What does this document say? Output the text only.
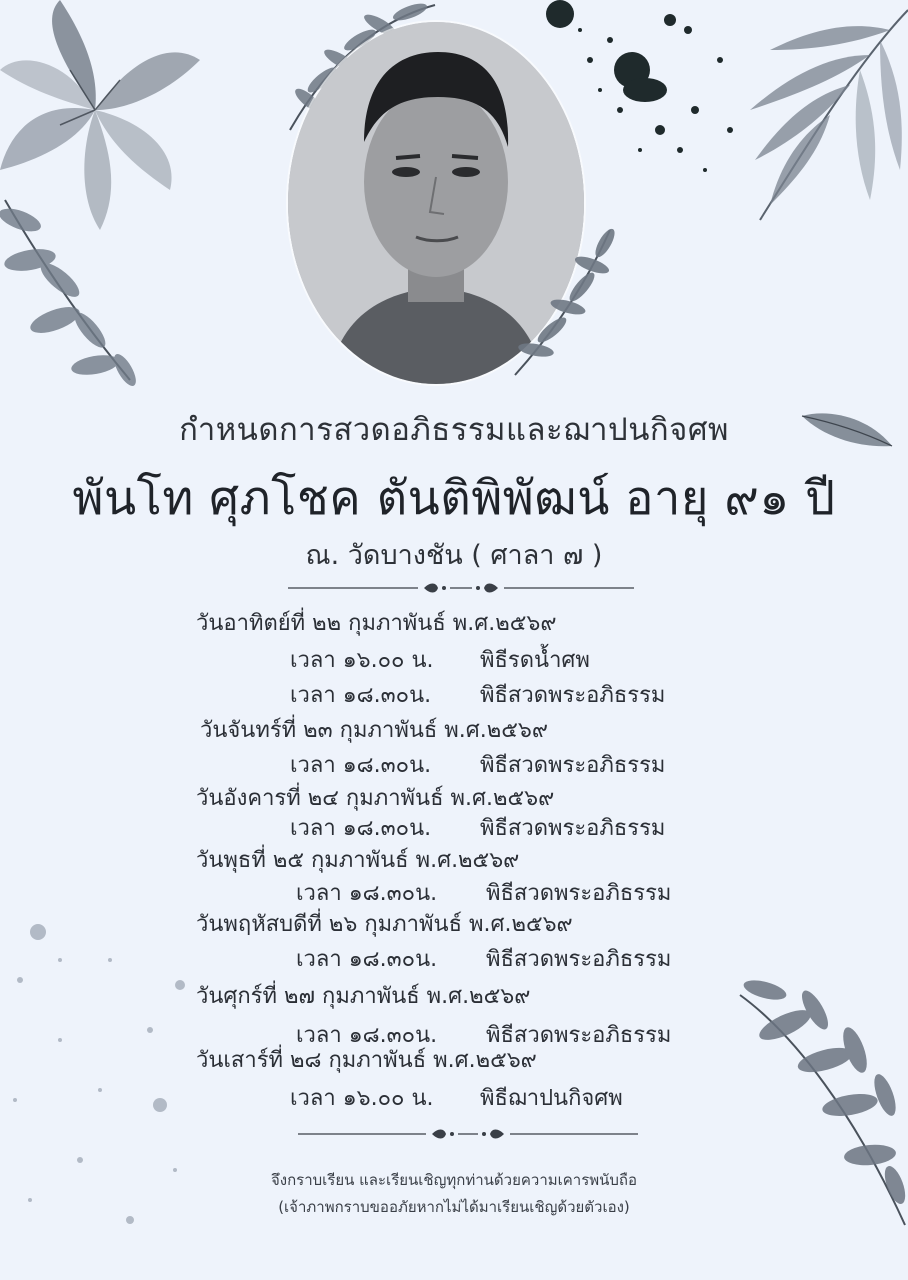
กำหนดการสวดอภิธรรมและฌาปนกิจศพ
พันโท ศุภโชค ตันติพิพัฒน์ อายุ ๙๑ ปี
ณ. วัดบางชัน ( ศาลา ๗ )
วันอาทิตย์ที่ ๒๒ กุมภาพันธ์ พ.ศ.๒๕๖๙
เวลา ๑๖.๐๐ น. พิธีรดน้ำศพ
เวลา ๑๘.๓๐น. พิธีสวดพระอภิธรรม
วันจันทร์ที่ ๒๓ กุมภาพันธ์ พ.ศ.๒๕๖๙
เวลา ๑๘.๓๐น. พิธีสวดพระอภิธรรม
วันอังคารที่ ๒๔ กุมภาพันธ์ พ.ศ.๒๕๖๙
เวลา ๑๘.๓๐น. พิธีสวดพระอภิธรรม
วันพุธที่ ๒๕ กุมภาพันธ์ พ.ศ.๒๕๖๙
เวลา ๑๘.๓๐น. พิธีสวดพระอภิธรรม
วันพฤหัสบดีที่ ๒๖ กุมภาพันธ์ พ.ศ.๒๕๖๙
เวลา ๑๘.๓๐น. พิธีสวดพระอภิธรรม
วันศุกร์ที่ ๒๗ กุมภาพันธ์ พ.ศ.๒๕๖๙
เวลา ๑๘.๓๐น. พิธีสวดพระอภิธรรม
วันเสาร์ที่ ๒๘ กุมภาพันธ์ พ.ศ.๒๕๖๙
เวลา ๑๖.๐๐ น. พิธีฌาปนกิจศพ
จึงกราบเรียน และเรียนเชิญทุกท่านด้วยความเคารพนับถือ
(เจ้าภาพกราบขออภัยหากไม่ได้มาเรียนเชิญด้วยตัวเอง)
